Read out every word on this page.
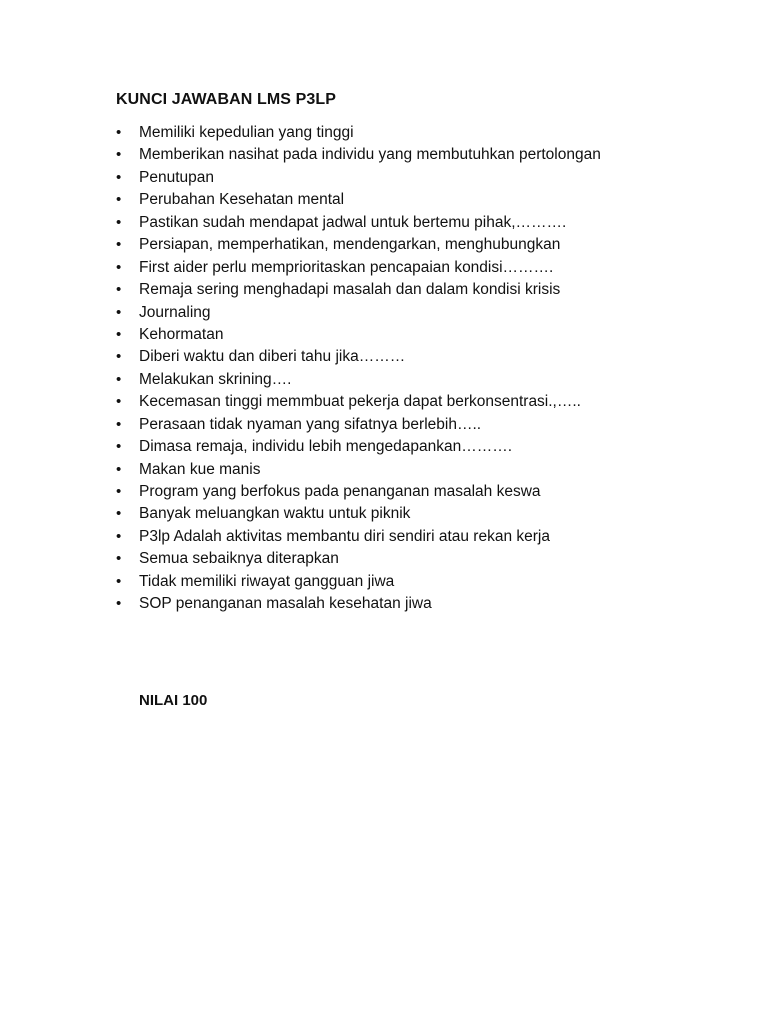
KUNCI JAWABAN LMS P3LP
•	Memiliki kepedulian yang tinggi
•	Memberikan nasihat pada individu yang membutuhkan pertolongan
•	Penutupan
•	Perubahan Kesehatan mental
•	Pastikan sudah mendapat jadwal untuk bertemu pihak,……….
•	Persiapan, memperhatikan, mendengarkan, menghubungkan
•	First aider perlu memprioritaskan pencapaian kondisi……….
•	Remaja sering menghadapi masalah dan dalam kondisi krisis
•	Journaling
•	Kehormatan
•	Diberi waktu dan diberi tahu jika………
•	Melakukan skrining….
•	Kecemasan tinggi memmbuat pekerja dapat berkonsentrasi.,…..
•	Perasaan tidak nyaman yang sifatnya berlebih…..
•	Dimasa remaja, individu lebih mengedapankan……….
•	Makan kue manis
•	Program yang berfokus pada penanganan masalah keswa
•	Banyak meluangkan waktu untuk piknik
•	P3lp Adalah aktivitas membantu diri sendiri atau rekan kerja
•	Semua sebaiknya diterapkan
•	Tidak memiliki riwayat gangguan jiwa
•	SOP penanganan masalah kesehatan jiwa

NILAI 100
